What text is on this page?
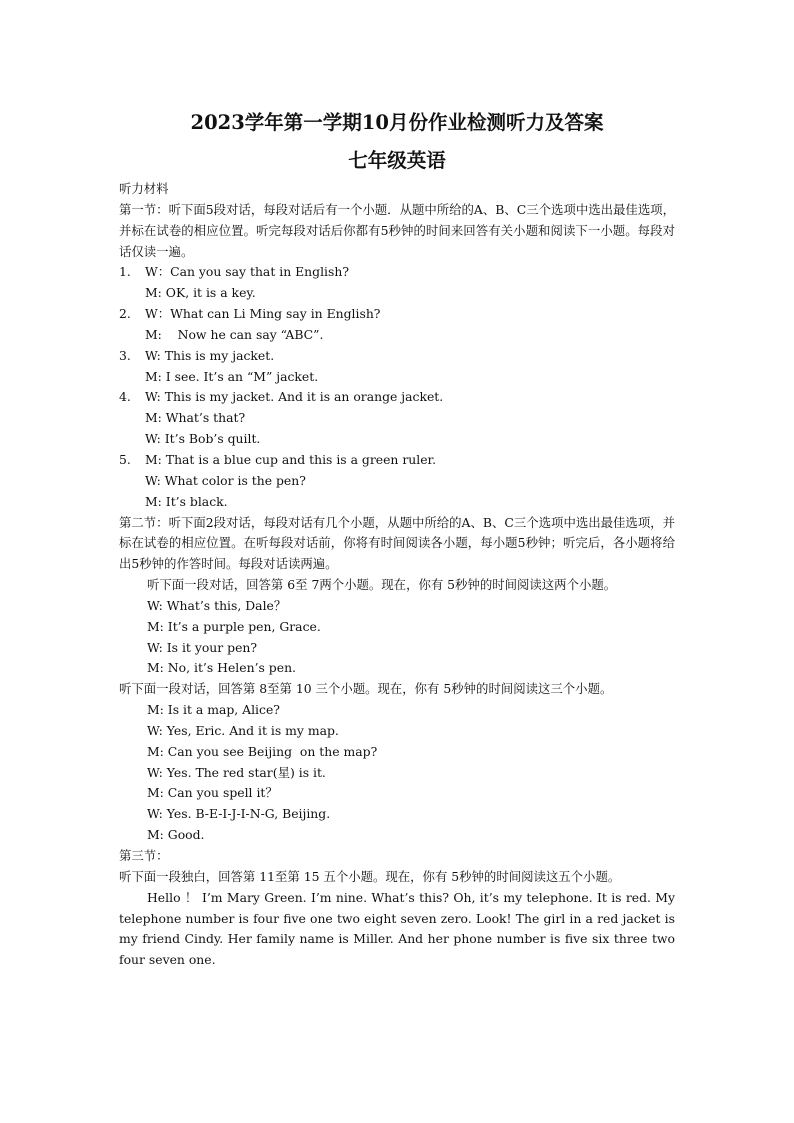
2023学年第一学期10月份作业检测听力及答案
七年级英语
听力材料
第一节：听下面5段对话，每段对话后有一个小题．从题中所给的A、B、C三个选项中选出最佳选项，并标在试卷的相应位置。听完每段对话后你都有5秒钟的时间来回答有关小题和阅读下一小题。每段对话仅读一遍。
1. W：Can you say that in English?
M: OK, it is a key.
2. W：What can Li Ming say in English?
M:    Now he can say “ABC”.
3. W: This is my jacket.
M: I see. It’s an “M” jacket.
4. W: This is my jacket. And it is an orange jacket.
M: What’s that?
W: It’s Bob’s quilt.
5. M: That is a blue cup and this is a green ruler.
W: What color is the pen?
M: It’s black.
第二节：听下面2段对话，每段对话有几个小题，从题中所给的A、B、C三个选项中选出最佳选项，并标在试卷的相应位置。在听每段对话前，你将有时间阅读各小题，每小题5秒钟；听完后，各小题将给出5秒钟的作答时间。每段对话读两遍。
听下面一段对话，回答第 6至 7两个小题。现在，你有 5秒钟的时间阅读这两个小题。
W: What’s this, Dale？
M: It’s a purple pen, Grace.
W: Is it your pen?
M: No, it’s Helen’s pen.
听下面一段对话，回答第 8至第 10 三个小题。现在，你有 5秒钟的时间阅读这三个小题。
M: Is it a map, Alice?
W: Yes, Eric. And it is my map.
M: Can you see Beijing  on the map?
W: Yes. The red star(星) is it.
M: Can you spell it？
W: Yes. B-E-I-J-I-N-G, Beijing.
M: Good.
第三节：
听下面一段独白，回答第 11至第 15 五个小题。现在，你有 5秒钟的时间阅读这五个小题。
Hello ！ I’m Mary Green. I’m nine. What’s this? Oh, it’s my telephone. It is red. My telephone number is four five one two eight seven zero. Look! The girl in a red jacket is my friend Cindy. Her family name is Miller. And her phone number is five six three two four seven one.
